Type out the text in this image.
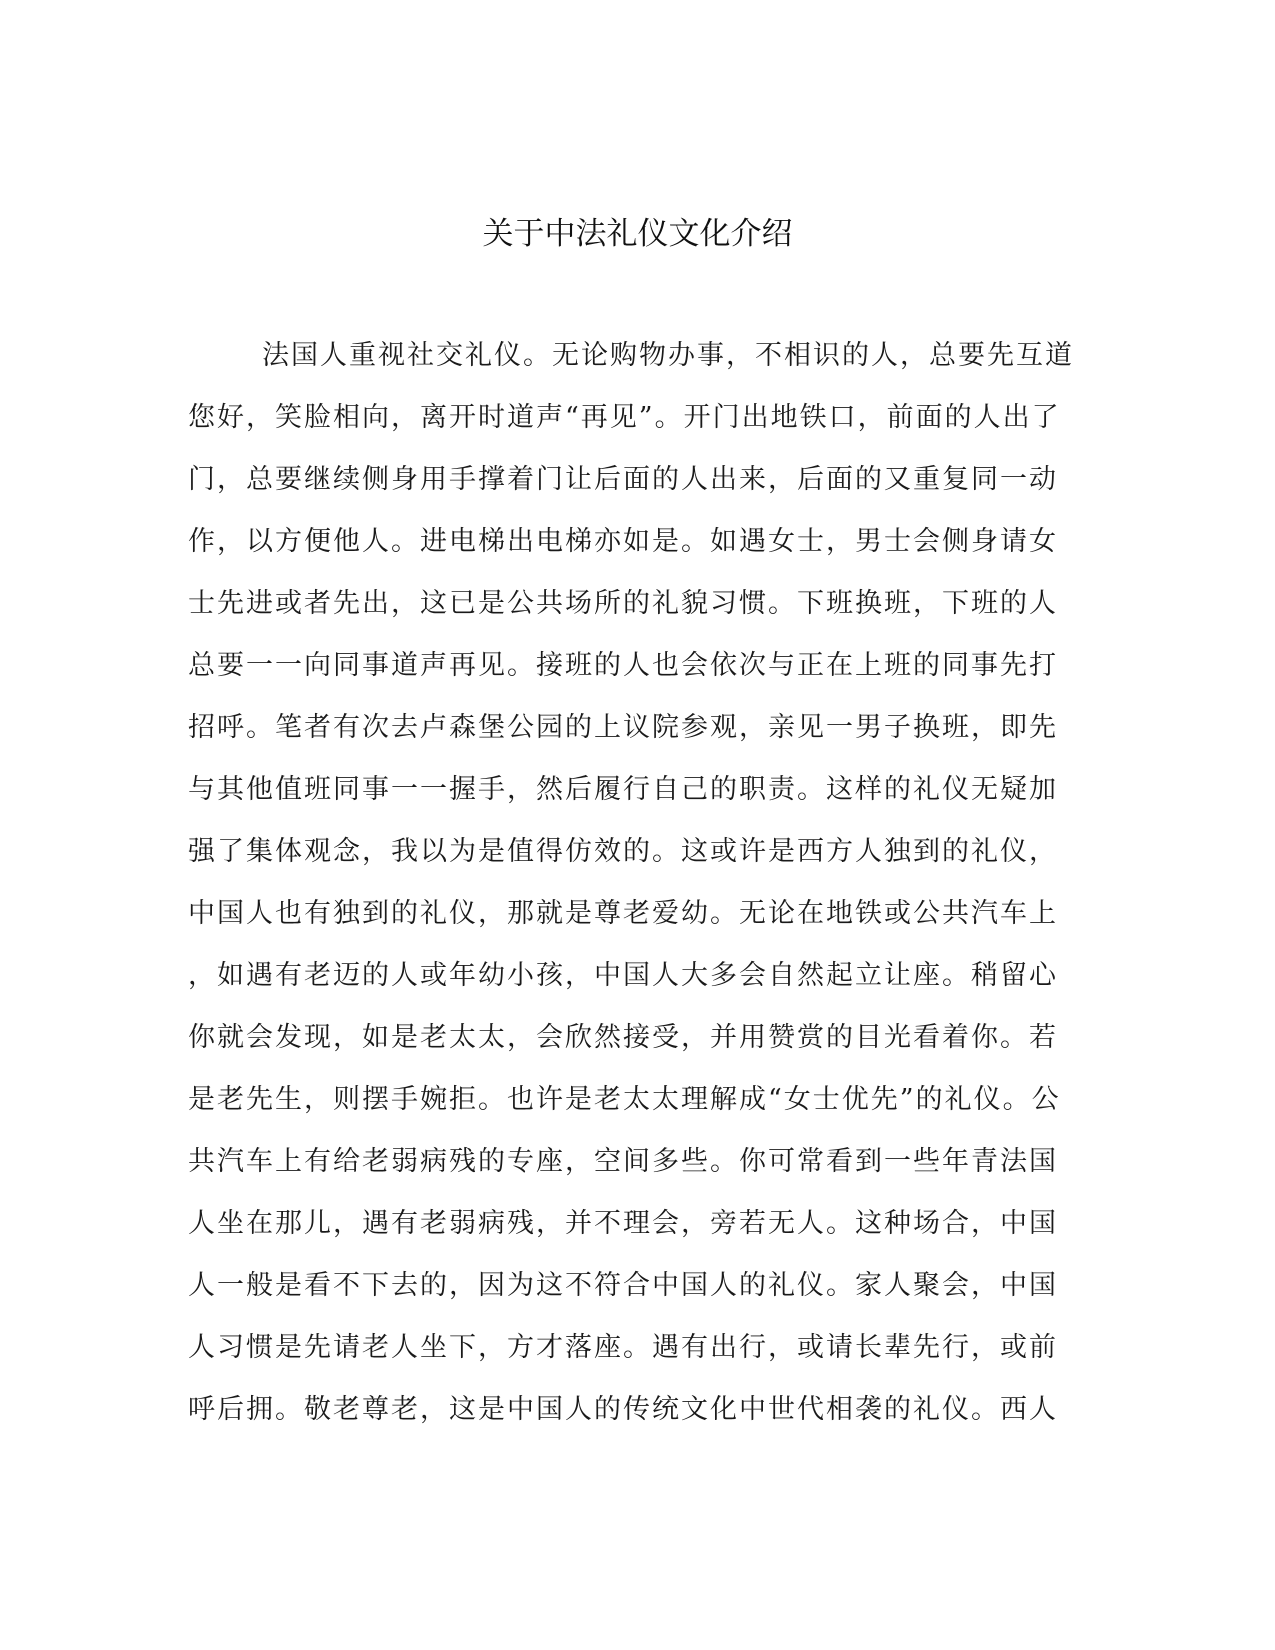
关于中法礼仪文化介绍
法国人重视社交礼仪。无论购物办事，不相识的人，总要先互道
您好，笑脸相向，离开时道声“再见”。开门出地铁口，前面的人出了
门，总要继续侧身用手撑着门让后面的人出来，后面的又重复同一动
作，以方便他人。进电梯出电梯亦如是。如遇女士，男士会侧身请女
士先进或者先出，这已是公共场所的礼貌习惯。下班换班，下班的人
总要一一向同事道声再见。接班的人也会依次与正在上班的同事先打
招呼。笔者有次去卢森堡公园的上议院参观，亲见一男子换班，即先
与其他值班同事一一握手，然后履行自己的职责。这样的礼仪无疑加
强了集体观念，我以为是值得仿效的。这或许是西方人独到的礼仪，
中国人也有独到的礼仪，那就是尊老爱幼。无论在地铁或公共汽车上
，如遇有老迈的人或年幼小孩，中国人大多会自然起立让座。稍留心
你就会发现，如是老太太，会欣然接受，并用赞赏的目光看着你。若
是老先生，则摆手婉拒。也许是老太太理解成“女士优先”的礼仪。公
共汽车上有给老弱病残的专座，空间多些。你可常看到一些年青法国
人坐在那儿，遇有老弱病残，并不理会，旁若无人。这种场合，中国
人一般是看不下去的，因为这不符合中国人的礼仪。家人聚会，中国
人习惯是先请老人坐下，方才落座。遇有出行，或请长辈先行，或前
呼后拥。敬老尊老，这是中国人的传统文化中世代相袭的礼仪。西人
